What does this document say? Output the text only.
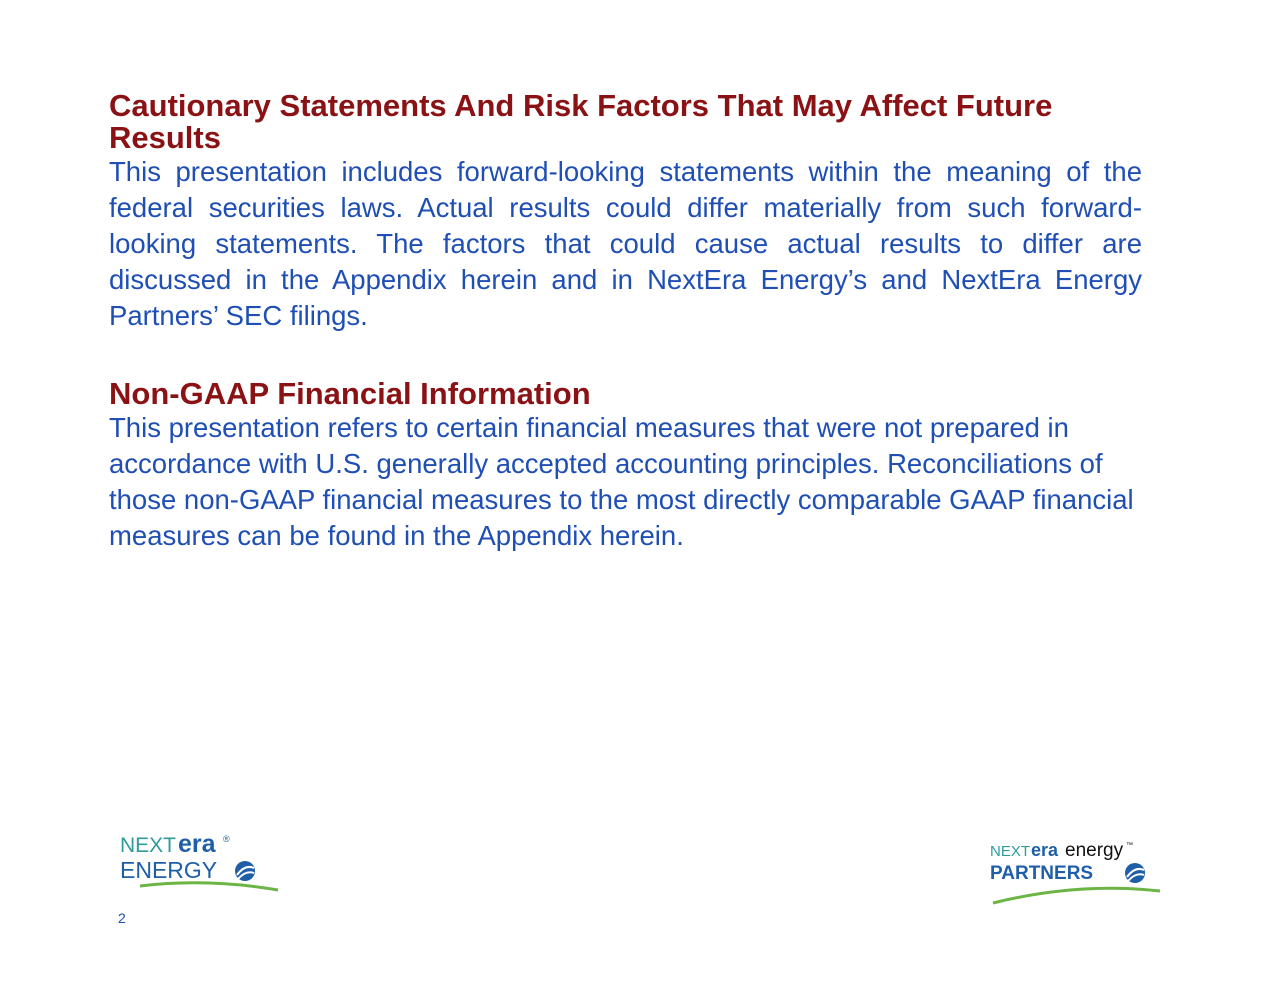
Cautionary Statements And Risk Factors That May Affect Future Results

This presentation includes forward-looking statements within the meaning of the federal securities laws. Actual results could differ materially from such forward-looking statements. The factors that could cause actual results to differ are discussed in the Appendix herein and in NextEra Energy’s and NextEra Energy Partners’ SEC filings.

Non-GAAP Financial Information

This presentation refers to certain financial measures that were not prepared in accordance with U.S. generally accepted accounting principles. Reconciliations of those non-GAAP financial measures to the most directly comparable GAAP financial measures can be found in the Appendix herein.

NEXT era ®
ENERGY
NEXT era energy ™
PARTNERS
2
